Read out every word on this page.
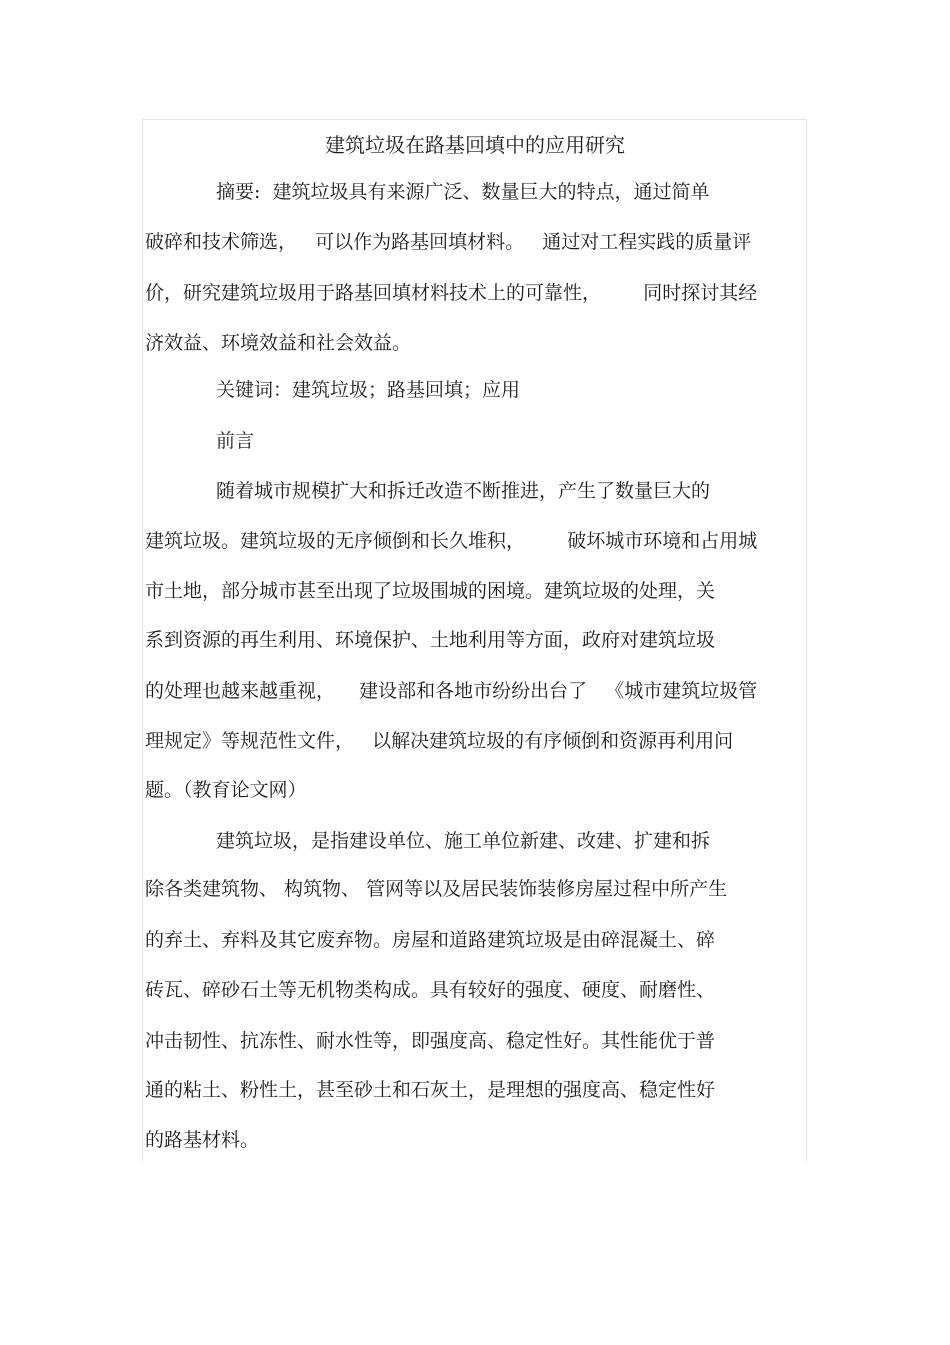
建筑垃圾在路基回填中的应用研究
摘要:  建筑垃圾具有来源广泛、数量巨大的特点，通过简单
破碎和技术筛选，   可以作为路基回填材料。   通过对工程实践的质量评
价，研究建筑垃圾用于路基回填材料技术上的可靠性，       同时探讨其经
济效益、环境效益和社会效益。
关键词：建筑垃圾；路基回填；应用
前言
随着城市规模扩大和拆迁改造不断推进，产生了数量巨大的
建筑垃圾。建筑垃圾的无序倾倒和长久堆积，       破坏城市环境和占用城
市土地，部分城市甚至出现了垃圾围城的困境。建筑垃圾的处理，关
系到资源的再生利用、环境保护、土地利用等方面，政府对建筑垃圾
的处理也越来越重视，    建设部和各地市纷纷出台了   《城市建筑垃圾管
理规定》等规范性文件，   以解决建筑垃圾的有序倾倒和资源再利用问
题。（教育论文网）
建筑垃圾，是指建设单位、施工单位新建、改建、扩建和拆
除各类建筑物、 构筑物、 管网等以及居民装饰装修房屋过程中所产生
的弃土、弃料及其它废弃物。房屋和道路建筑垃圾是由碎混凝土、碎
砖瓦、碎砂石土等无机物类构成。具有较好的强度、硬度、耐磨性、
冲击韧性、抗冻性、耐水性等，即强度高、稳定性好。其性能优于普
通的粘土、粉性土，甚至砂土和石灰土，是理想的强度高、稳定性好
的路基材料。
